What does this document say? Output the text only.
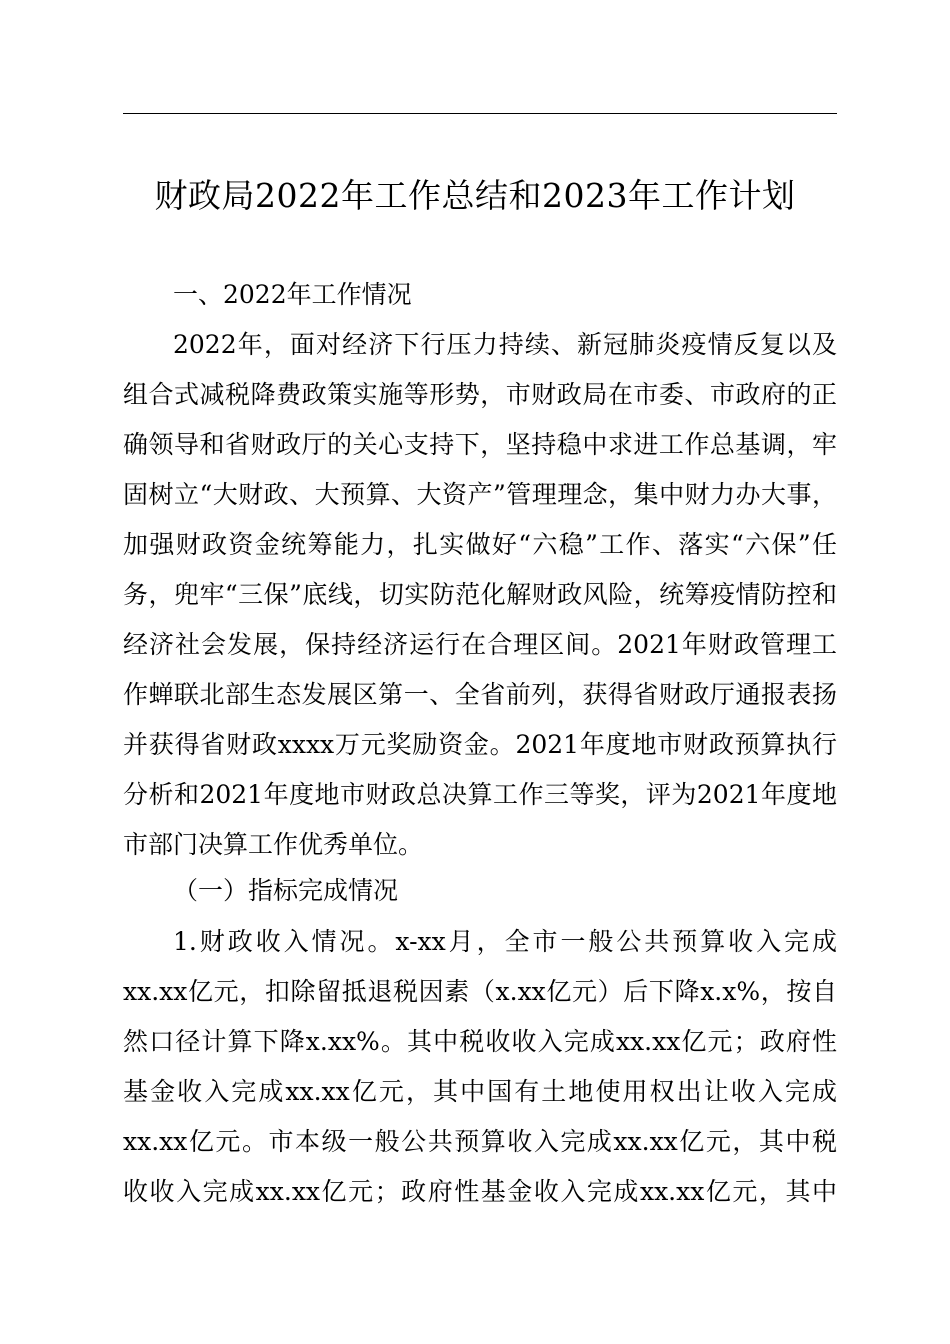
财政局2022年工作总结和2023年工作计划
一、2022年工作情况
2022年，面对经济下行压力持续、新冠肺炎疫情反复以及
组合式减税降费政策实施等形势，市财政局在市委、市政府的正
确领导和省财政厅的关心支持下，坚持稳中求进工作总基调，牢
固树立“大财政、大预算、大资产”管理理念，集中财力办大事，
加强财政资金统筹能力，扎实做好“六稳”工作、落实“六保”任
务，兜牢“三保”底线，切实防范化解财政风险，统筹疫情防控和
经济社会发展，保持经济运行在合理区间。2021年财政管理工
作蝉联北部生态发展区第一、全省前列，获得省财政厅通报表扬
并获得省财政xxxx万元奖励资金。2021年度地市财政预算执行
分析和2021年度地市财政总决算工作三等奖，评为2021年度地
市部门决算工作优秀单位。
（一）指标完成情况
1.财政收入情况。x-xx月，全市一般公共预算收入完成
xx.xx亿元，扣除留抵退税因素（x.xx亿元）后下降x.x%，按自
然口径计算下降x.xx%。其中税收收入完成xx.xx亿元；政府性
基金收入完成xx.xx亿元，其中国有土地使用权出让收入完成
xx.xx亿元。市本级一般公共预算收入完成xx.xx亿元，其中税
收收入完成xx.xx亿元；政府性基金收入完成xx.xx亿元，其中
